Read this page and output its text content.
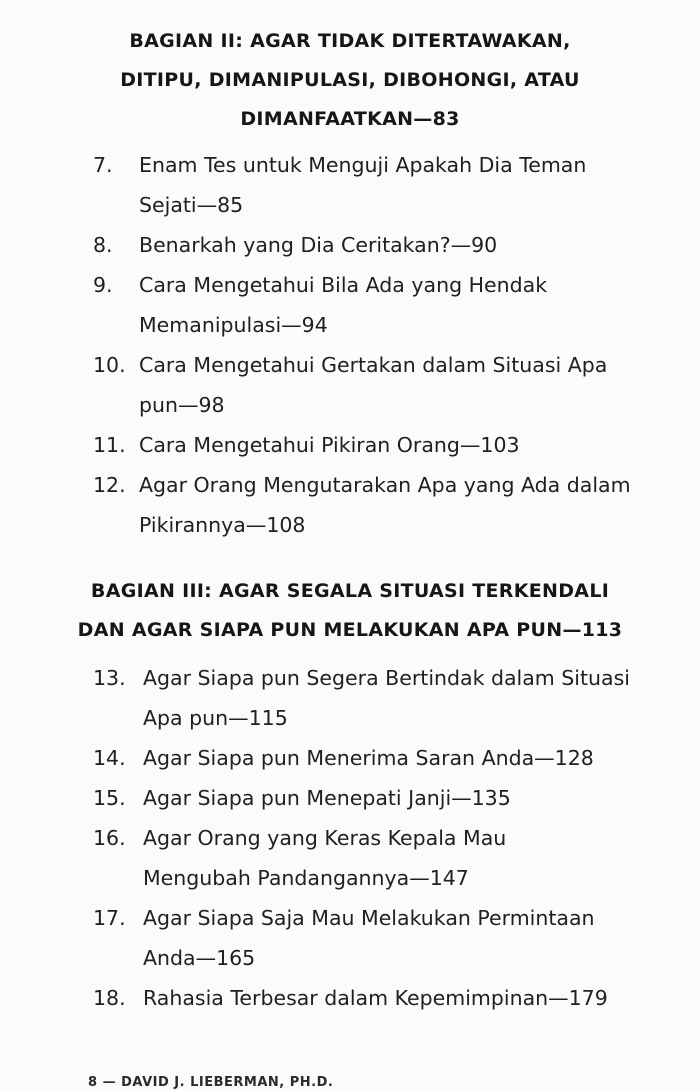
BAGIAN II: AGAR TIDAK DITERTAWAKAN,
DITIPU, DIMANIPULASI, DIBOHONGI, ATAU
DIMANFAATKAN—83
7. Enam Tes untuk Menguji Apakah Dia Teman Sejati—85
8. Benarkah yang Dia Ceritakan?—90
9. Cara Mengetahui Bila Ada yang Hendak Memanipulasi—94
10. Cara Mengetahui Gertakan dalam Situasi Apa pun—98
11. Cara Mengetahui Pikiran Orang—103
12. Agar Orang Mengutarakan Apa yang Ada dalam Pikirannya—108
BAGIAN III: AGAR SEGALA SITUASI TERKENDALI
DAN AGAR SIAPA PUN MELAKUKAN APA PUN—113
13. Agar Siapa pun Segera Bertindak dalam Situasi Apa pun—115
14. Agar Siapa pun Menerima Saran Anda—128
15. Agar Siapa pun Menepati Janji—135
16. Agar Orang yang Keras Kepala Mau Mengubah Pandangannya—147
17. Agar Siapa Saja Mau Melakukan Permintaan Anda—165
18. Rahasia Terbesar dalam Kepemimpinan—179
8 — DAVID J. LIEBERMAN, PH.D.
